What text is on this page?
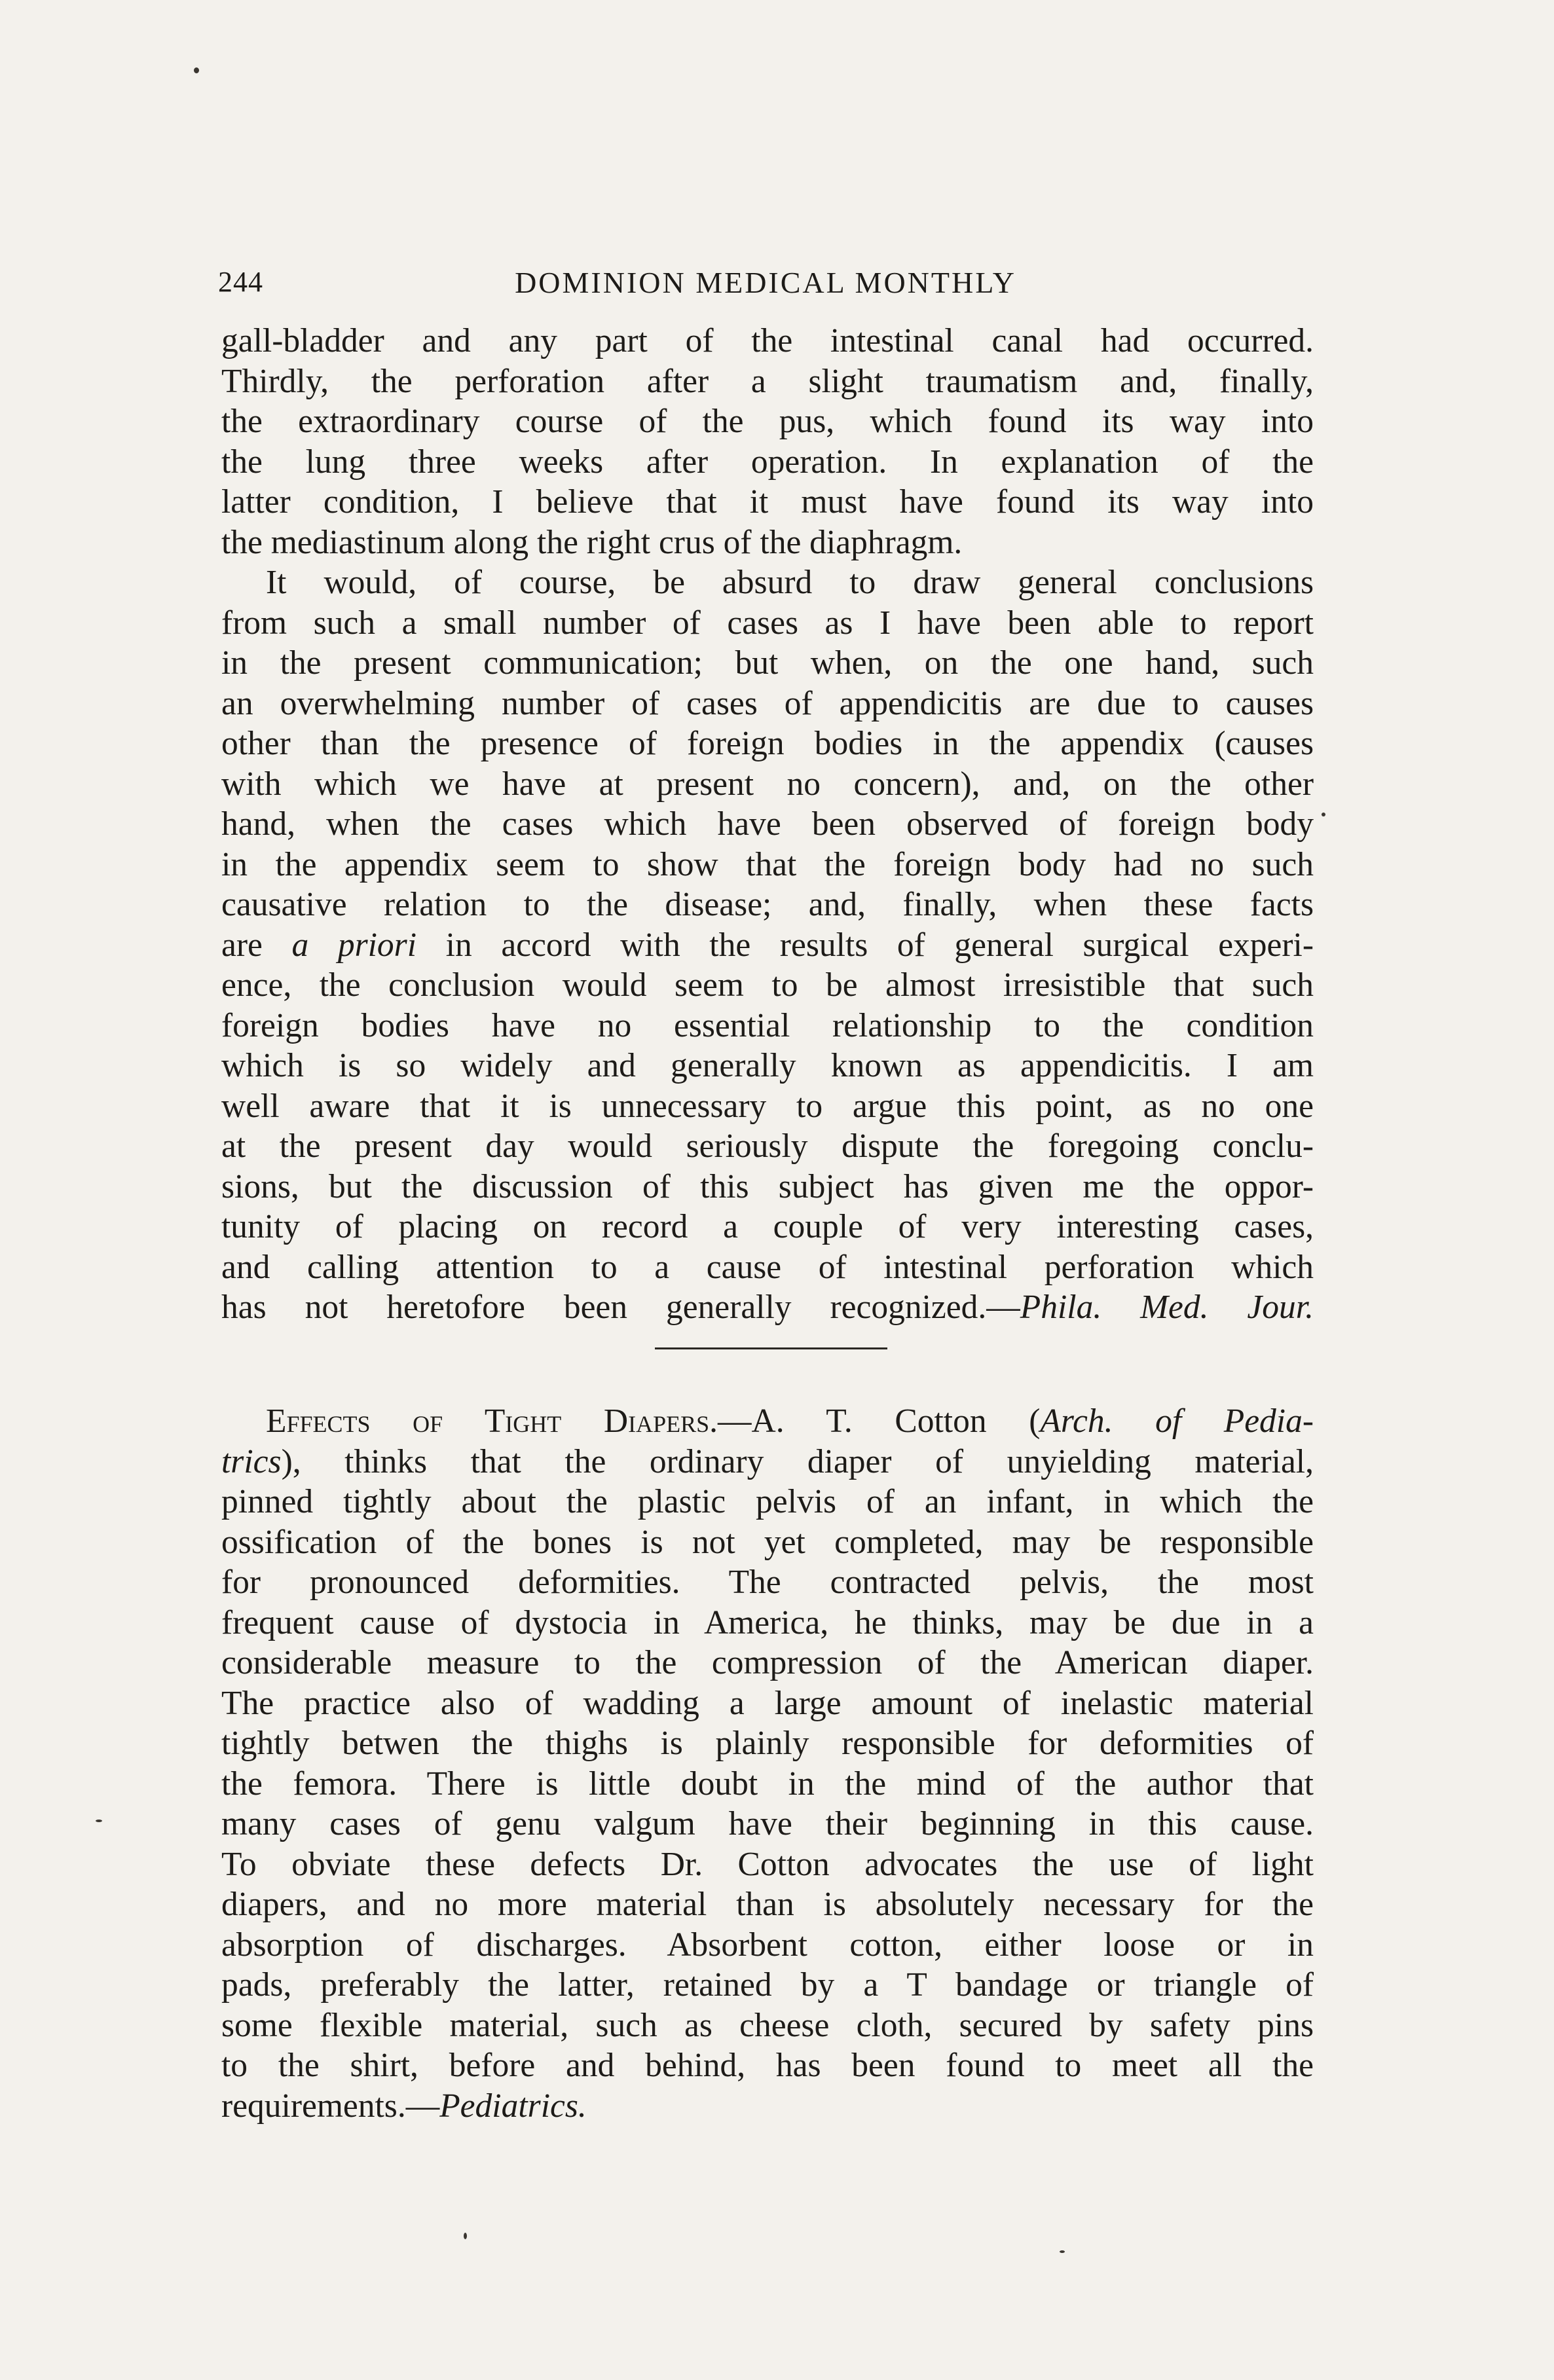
244	DOMINION MEDICAL MONTHLY
gall-bladder and any part of the intestinal canal had occurred.
Thirdly, the perforation after a slight traumatism and, finally,
the extraordinary course of the pus, which found its way into
the lung three weeks after operation. In explanation of the
latter condition, I believe that it must have found its way into
the mediastinum along the right crus of the diaphragm.
It would, of course, be absurd to draw general conclusions
from such a small number of cases as I have been able to report
in the present communication; but when, on the one hand, such
an overwhelming number of cases of appendicitis are due to causes
other than the presence of foreign bodies in the appendix (causes
with which we have at present no concern), and, on the other
hand, when the cases which have been observed of foreign body
in the appendix seem to show that the foreign body had no such
causative relation to the disease; and, finally, when these facts
are a priori in accord with the results of general surgical experi-
ence, the conclusion would seem to be almost irresistible that such
foreign bodies have no essential relationship to the condition
which is so widely and generally known as appendicitis. I am
well aware that it is unnecessary to argue this point, as no one
at the present day would seriously dispute the foregoing conclu-
sions, but the discussion of this subject has given me the oppor-
tunity of placing on record a couple of very interesting cases,
and calling attention to a cause of intestinal perforation which
has not heretofore been generally recognized.—Phila. Med. Jour.
Effects of Tight Diapers.—A. T. Cotton (Arch. of Pedia-
trics), thinks that the ordinary diaper of unyielding material,
pinned tightly about the plastic pelvis of an infant, in which the
ossification of the bones is not yet completed, may be responsible
for pronounced deformities. The contracted pelvis, the most
frequent cause of dystocia in America, he thinks, may be due in a
considerable measure to the compression of the American diaper.
The practice also of wadding a large amount of inelastic material
tightly betwen the thighs is plainly responsible for deformities of
the femora. There is little doubt in the mind of the author that
many cases of genu valgum have their beginning in this cause.
To obviate these defects Dr. Cotton advocates the use of light
diapers, and no more material than is absolutely necessary for the
absorption of discharges. Absorbent cotton, either loose or in
pads, preferably the latter, retained by a T bandage or triangle of
some flexible material, such as cheese cloth, secured by safety pins
to the shirt, before and behind, has been found to meet all the
requirements.—Pediatrics.
